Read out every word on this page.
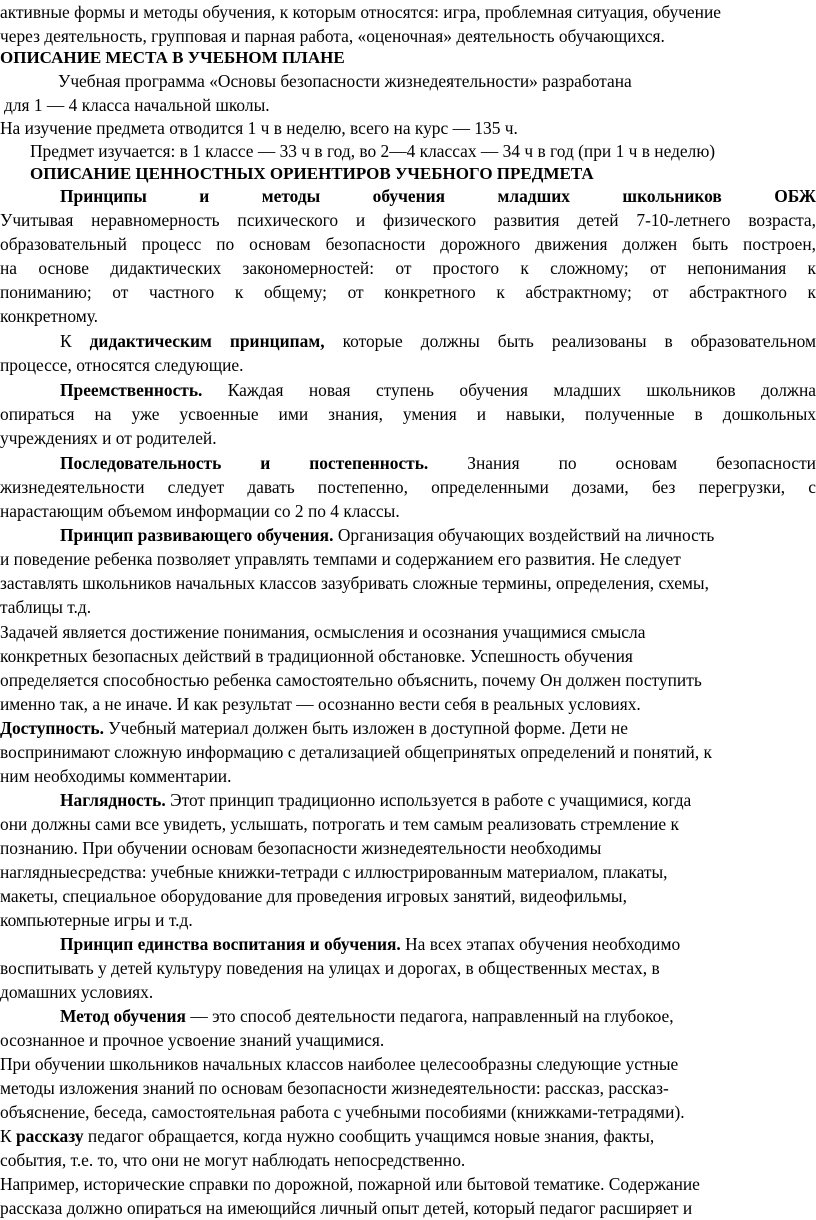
активные формы и методы обучения, к которым относятся: игра, проблемная ситуация, обучение
через деятельность, групповая и парная работа, «оценочная» деятельность обучающихся.
ОПИСАНИЕ МЕСТА В УЧЕБНОМ ПЛАНЕ
Учебная программа «Основы безопасности жизнедеятельности» разработана
для 1 — 4 класса начальной школы.
На изучение предмета отводится 1 ч в неделю, всего на курс — 135 ч.
Предмет изучается: в 1 классе — 33 ч в год, во 2—4 классах — 34 ч в год (при 1 ч в неделю)
ОПИСАНИЕ ЦЕННОСТНЫХ ОРИЕНТИРОВ УЧЕБНОГО ПРЕДМЕТА
Принципы и методы обучения младших школьников ОБЖ
Учитывая неравномерность психического и физического развития детей 7-10-летнего возраста,
образовательный процесс по основам безопасности дорожного движения должен быть построен,
на основе дидактических закономерностей: от простого к сложному; от непонимания к
пониманию; от частного к общему; от конкретного к абстрактному; от абстрактного к
конкретному.
К дидактическим принципам, которые должны быть реализованы в образовательном
процессе, относятся следующие.
Преемственность. Каждая новая ступень обучения младших школьников должна
опираться на уже усвоенные ими знания, умения и навыки, полученные в дошкольных
учреждениях и от родителей.
Последовательность и постепенность. Знания по основам безопасности
жизнедеятельности следует давать постепенно, определенными дозами, без перегрузки, с
нарастающим объемом информации со 2 по 4 классы.
Принцип развивающего обучения. Организация обучающих воздействий на личность
и поведение ребенка позволяет управлять темпами и содержанием его развития. Не следует
заставлять школьников начальных классов зазубривать сложные термины, определения, схемы,
таблицы т.д.
Задачей является достижение понимания, осмысления и осознания учащимися смысла
конкретных безопасных действий в традиционной обстановке. Успешность обучения
определяется способностью ребенка самостоятельно объяснить, почему Он должен поступить
именно так, а не иначе. И как результат — осознанно вести себя в реальных условиях.
Доступность. Учебный материал должен быть изложен в доступной форме. Дети не
воспринимают сложную информацию с детализацией общепринятых определений и понятий, к
ним необходимы комментарии.
Наглядность. Этот принцип традиционно используется в работе с учащимися, когда
они должны сами все увидеть, услышать, потрогать и тем самым реализовать стремление к
познанию. При обучении основам безопасности жизнедеятельности необходимы
наглядныесредства: учебные книжки-тетради с иллюстрированным материалом, плакаты,
макеты, специальное оборудование для проведения игровых занятий, видеофильмы,
компьютерные игры и т.д.
Принцип единства воспитания и обучения. На всех этапах обучения необходимо
воспитывать у детей культуру поведения на улицах и дорогах, в общественных местах, в
домашних условиях.
Метод обучения — это способ деятельности педагога, направленный на глубокое,
осознанное и прочное усвоение знаний учащимися.
При обучении школьников начальных классов наиболее целесообразны следующие устные
методы изложения знаний по основам безопасности жизнедеятельности: рассказ, рассказ-
объяснение, беседа, самостоятельная работа с учебными пособиями (книжками-тетрадями).
К рассказу педагог обращается, когда нужно сообщить учащимся новые знания, факты,
события, т.е. то, что они не могут наблюдать непосредственно.
Например, исторические справки по дорожной, пожарной или бытовой тематике. Содержание
рассказа должно опираться на имеющийся личный опыт детей, который педагог расширяет и
